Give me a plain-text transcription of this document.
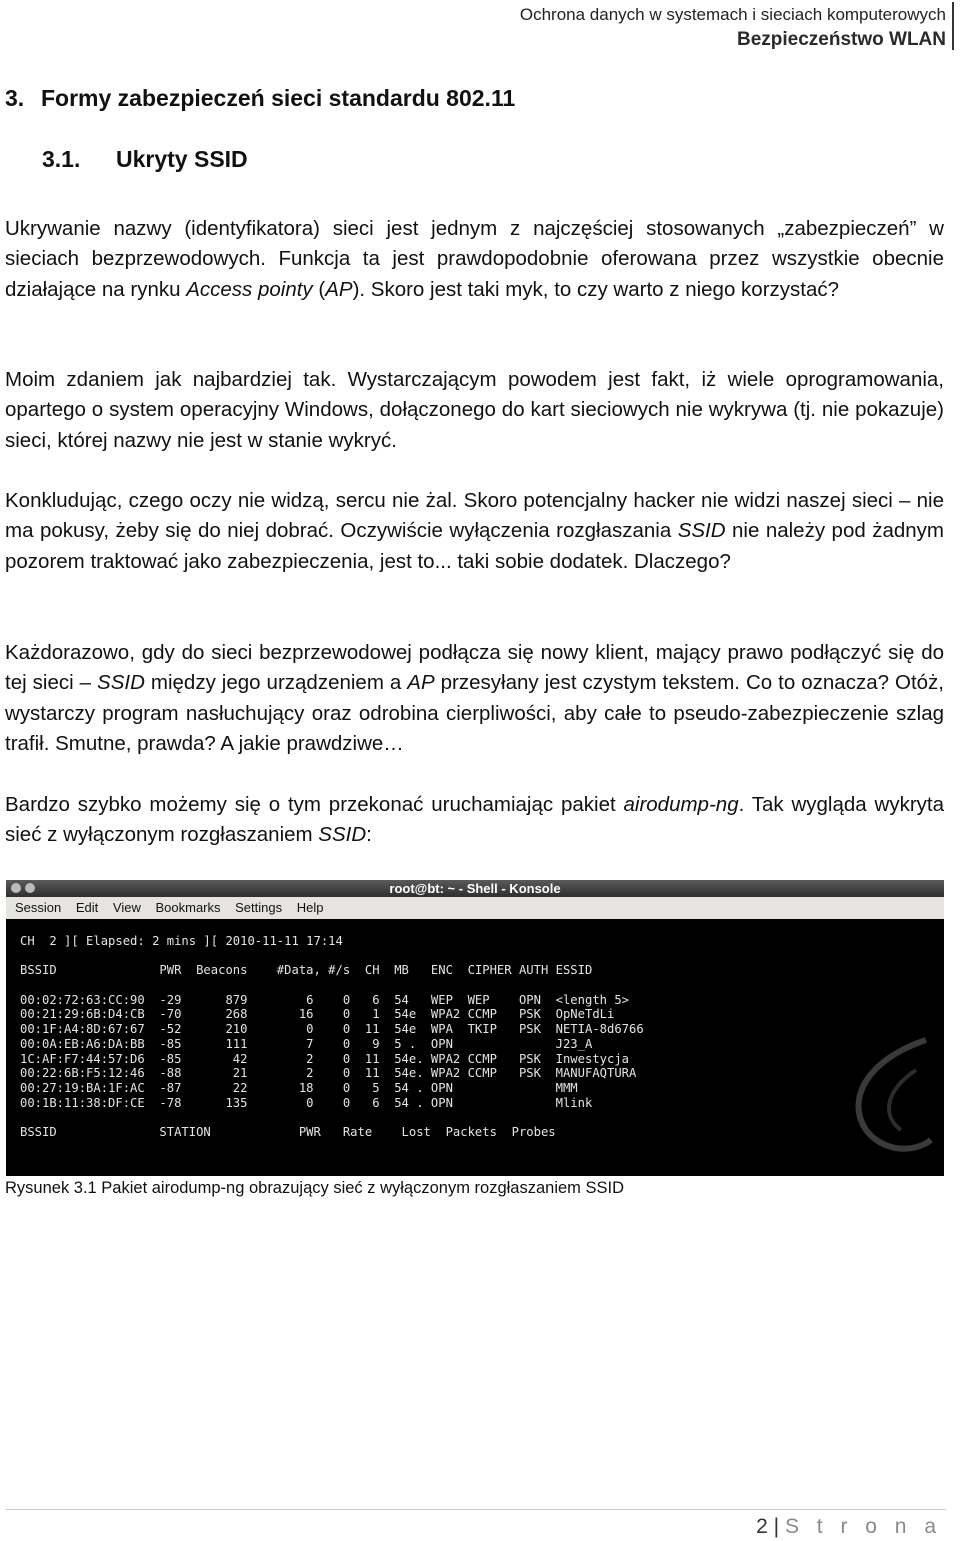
Ochrona danych w systemach i sieciach komputerowych
Bezpieczeństwo WLAN
3. Formy zabezpieczeń sieci standardu 802.11
3.1. Ukryty SSID

Ukrywanie nazwy (identyfikatora) sieci jest jednym z najczęściej stosowanych „zabezpieczeń” w sieciach bezprzewodowych. Funkcja ta jest prawdopodobnie oferowana przez wszystkie obecnie działające na rynku Access pointy (AP). Skoro jest taki myk, to czy warto z niego korzystać?

Moim zdaniem jak najbardziej tak. Wystarczającym powodem jest fakt, iż wiele oprogramowania, opartego o system operacyjny Windows, dołączonego do kart sieciowych nie wykrywa (tj. nie pokazuje) sieci, której nazwy nie jest w stanie wykryć.

Konkludując, czego oczy nie widzą, sercu nie żal. Skoro potencjalny hacker nie widzi naszej sieci – nie ma pokusy, żeby się do niej dobrać. Oczywiście wyłączenia rozgłaszania SSID nie należy pod żadnym pozorem traktować jako zabezpieczenia, jest to... taki sobie dodatek. Dlaczego?

Każdorazowo, gdy do sieci bezprzewodowej podłącza się nowy klient, mający prawo podłączyć się do tej sieci – SSID między jego urządzeniem a AP przesyłany jest czystym tekstem. Co to oznacza? Otóż, wystarczy program nasłuchujący oraz odrobina cierpliwości, aby całe to pseudo-zabezpieczenie szlag trafił. Smutne, prawda? A jakie prawdziwe…

Bardzo szybko możemy się o tym przekonać uruchamiając pakiet airodump-ng. Tak wygląda wykryta sieć z wyłączonym rozgłaszaniem SSID:

root@bt: ~ - Shell - Konsole
Session Edit View Bookmarks Settings Help
CH  2 ][ Elapsed: 2 mins ][ 2010-11-11 17:14
BSSID              PWR  Beacons    #Data, #/s  CH  MB   ENC  CIPHER AUTH ESSID
00:02:72:63:CC:90  -29      879        6    0   6  54   WEP  WEP    OPN  <length 5>
00:21:29:6B:D4:CB  -70      268       16    0   1  54e  WPA2 CCMP   PSK  OpNeTdLi
00:1F:A4:8D:67:67  -52      210        0    0  11  54e  WPA  TKIP   PSK  NETIA-8d6766
00:0A:EB:A6:DA:BB  -85      111        7    0   9  5 .  OPN              J23_A
1C:AF:F7:44:57:D6  -85       42        2    0  11  54e. WPA2 CCMP   PSK  Inwestycja
00:22:6B:F5:12:46  -88       21        2    0  11  54e. WPA2 CCMP   PSK  MANUFAQTURA
00:27:19:BA:1F:AC  -87       22       18    0   5  54 . OPN              MMM
00:1B:11:38:DF:CE  -78      135        0    0   6  54 . OPN              Mlink
BSSID              STATION            PWR   Rate    Lost  Packets  Probes
Rysunek 3.1 Pakiet airodump-ng obrazujący sieć z wyłączonym rozgłaszaniem SSID
2 | S t r o n a
